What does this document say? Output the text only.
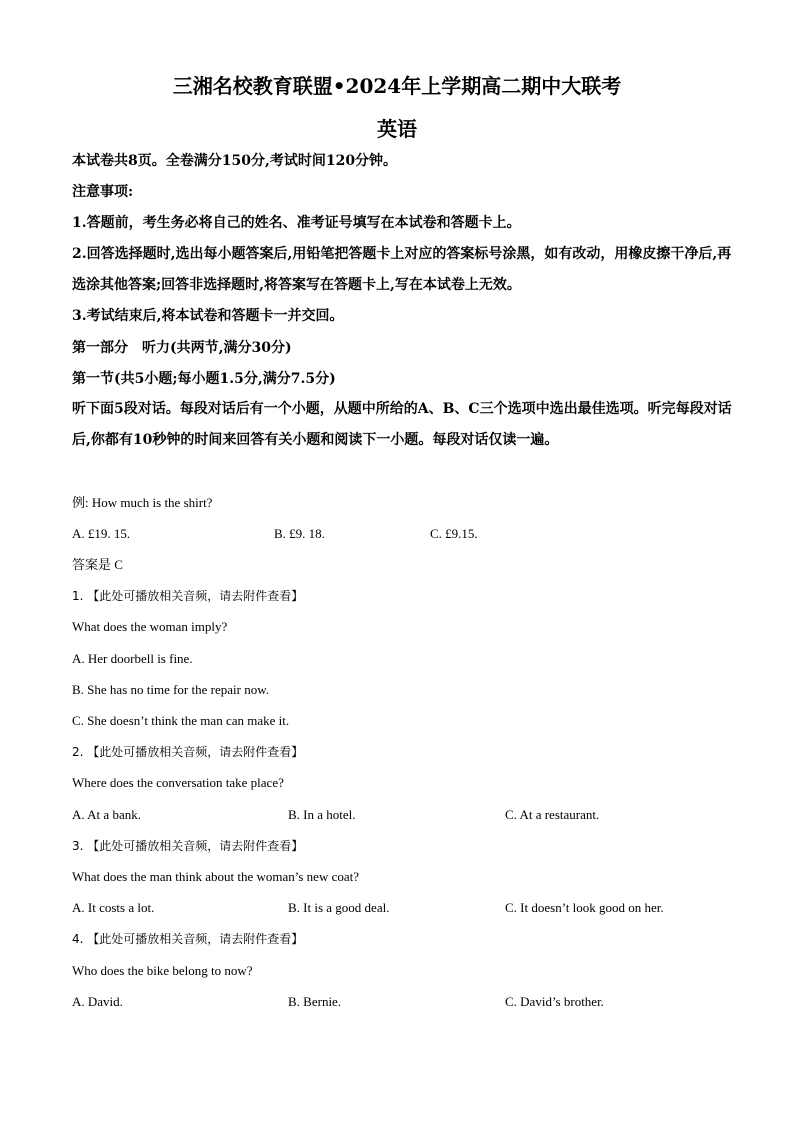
三湘名校教育联盟•2024年上学期高二期中大联考
英语
本试卷共8页。全卷满分150分,考试时间120分钟。
注意事项:
1.答题前，考生务必将自己的姓名、准考证号填写在本试卷和答题卡上。
2.回答选择题时,选出每小题答案后,用铅笔把答题卡上对应的答案标号涂黑，如有改动，用橡皮擦干净后,再选涂其他答案;回答非选择题时,将答案写在答题卡上,写在本试卷上无效。
3.考试结束后,将本试卷和答题卡一并交回。
第一部分　听力(共两节,满分30分)
第一节(共5小题;每小题1.5分,满分7.5分)
听下面5段对话。每段对话后有一个小题，从题中所给的A、B、C三个选项中选出最佳选项。听完每段对话后,你都有10秒钟的时间来回答有关小题和阅读下一小题。每段对话仅读一遍。
例: How much is the shirt?
A. £19. 15.	B. £9. 18.	C. £9.15.
答案是 C
1. 【此处可播放相关音频，请去附件查看】
What does the woman imply?
A. Her doorbell is fine.
B. She has no time for the repair now.
C. She doesn’t think the man can make it.
2. 【此处可播放相关音频，请去附件查看】
Where does the conversation take place?
A. At a bank.	B. In a hotel.	C. At a restaurant.
3. 【此处可播放相关音频，请去附件查看】
What does the man think about the woman’s new coat?
A. It costs a lot.	B. It is a good deal.	C. It doesn’t look good on her.
4. 【此处可播放相关音频，请去附件查看】
Who does the bike belong to now?
A. David.	B. Bernie.	C. David’s brother.
